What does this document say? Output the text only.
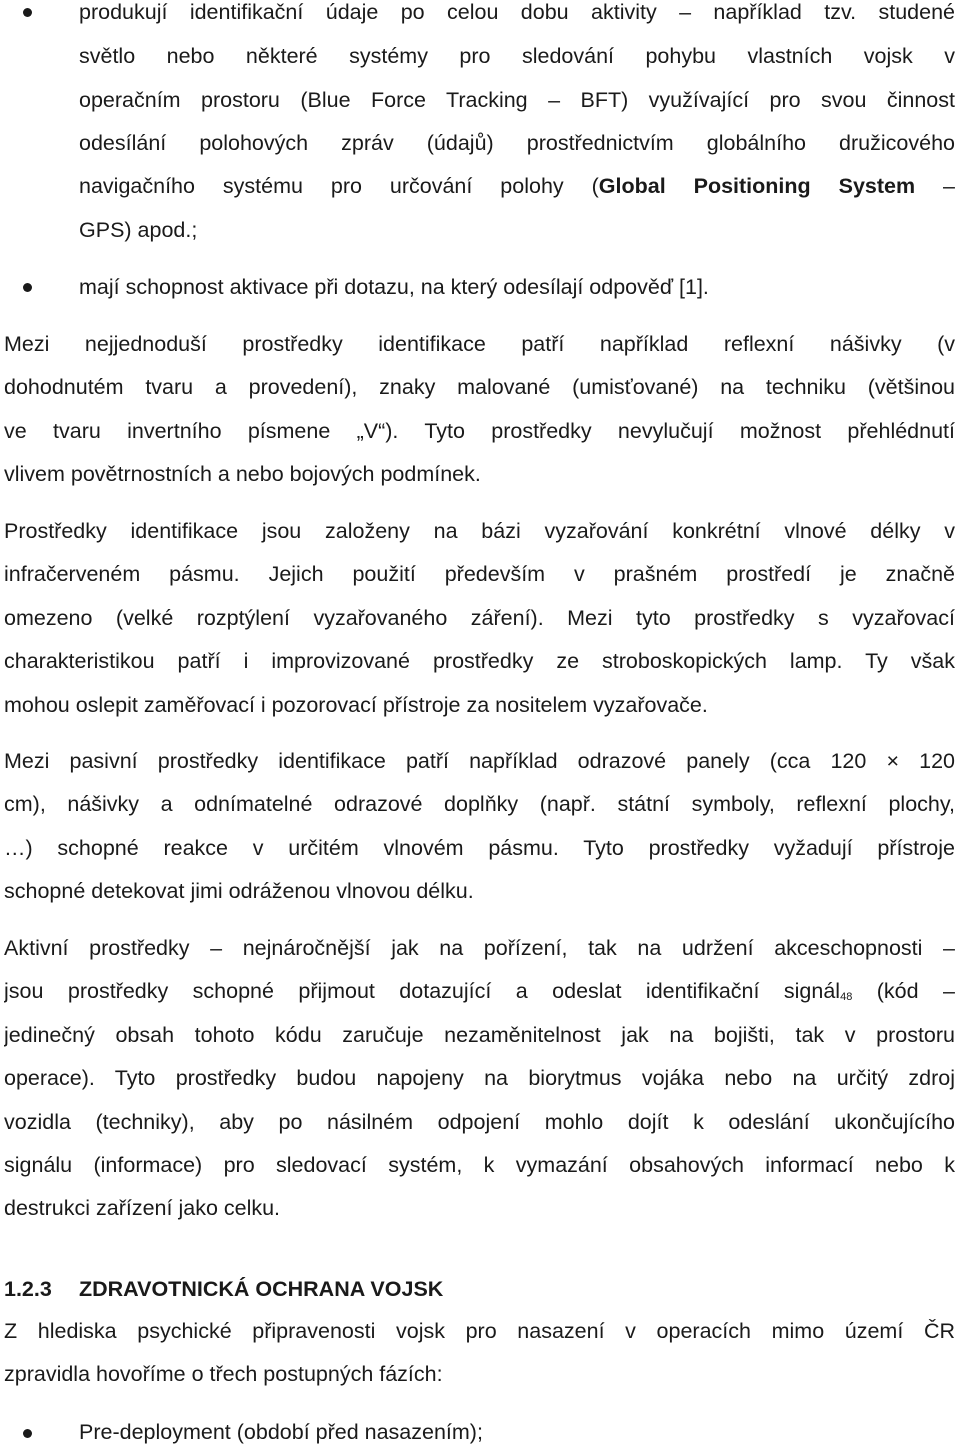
produkují identifikační údaje po celou dobu aktivity – například tzv. studené
světlo nebo některé systémy pro sledování pohybu vlastních vojsk v
operačním prostoru (Blue Force Tracking – BFT) využívající pro svou činnost
odesílání polohových zpráv (údajů) prostřednictvím globálního družicového
navigačního systému pro určování polohy (Global Positioning System –
GPS) apod.;
mají schopnost aktivace při dotazu, na který odesílají odpověď [1].
Mezi nejjednoduší prostředky identifikace patří například reflexní nášivky (v
dohodnutém tvaru a provedení), znaky malované (umisťované) na techniku (většinou
ve tvaru invertního písmene „V“). Tyto prostředky nevylučují možnost přehlédnutí
vlivem povětrnostních a nebo bojových podmínek.
Prostředky identifikace jsou založeny na bázi vyzařování konkrétní vlnové délky v
infračerveném pásmu. Jejich použití především v prašném prostředí je značně
omezeno (velké rozptýlení vyzařovaného záření). Mezi tyto prostředky s vyzařovací
charakteristikou patří i improvizované prostředky ze stroboskopických lamp. Ty však
mohou oslepit zaměřovací i pozorovací přístroje za nositelem vyzařovače.
Mezi pasivní prostředky identifikace patří například odrazové panely (cca 120 × 120
cm), nášivky a odnímatelné odrazové doplňky (např. státní symboly, reflexní plochy,
…) schopné reakce v určitém vlnovém pásmu. Tyto prostředky vyžadují přístroje
schopné detekovat jimi odráženou vlnovou délku.
Aktivní prostředky – nejnáročnější jak na pořízení, tak na udržení akceschopnosti –
jsou prostředky schopné přijmout dotazující a odeslat identifikační signál$_{48}$ (kód –
jedinečný obsah tohoto kódu zaručuje nezaměnitelnost jak na bojišti, tak v prostoru
operace). Tyto prostředky budou napojeny na biorytmus vojáka nebo na určitý zdroj
vozidla (techniky), aby po násilném odpojení mohlo dojít k odeslání ukončujícího
signálu (informace) pro sledovací systém, k vymazání obsahových informací nebo k
destrukci zařízení jako celku.
1.2.3 ZDRAVOTNICKÁ OCHRANA VOJSK
Z hlediska psychické připravenosti vojsk pro nasazení v operacích mimo území ČR
zpravidla hovoříme o třech postupných fázích:
Pre-deployment (období před nasazením);
